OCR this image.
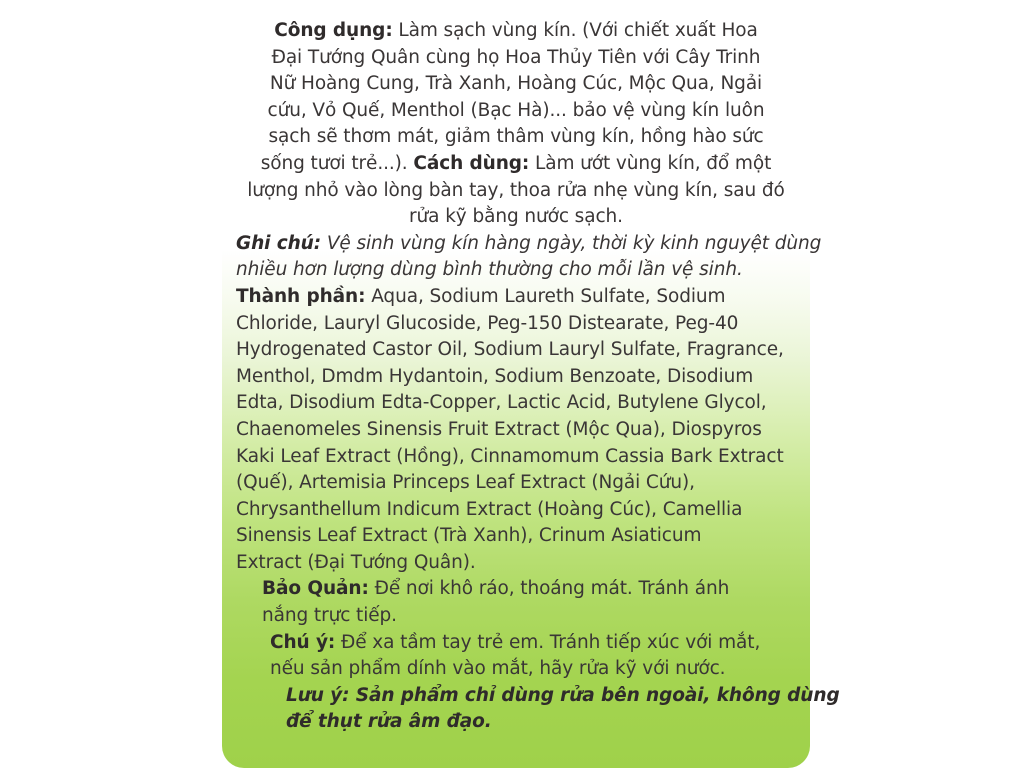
Công dụng: Làm sạch vùng kín. (Với chiết xuất Hoa
Đại Tướng Quân cùng họ Hoa Thủy Tiên với Cây Trinh
Nữ Hoàng Cung, Trà Xanh, Hoàng Cúc, Mộc Qua, Ngải
cứu, Vỏ Quế, Menthol (Bạc Hà)... bảo vệ vùng kín luôn
sạch sẽ thơm mát, giảm thâm vùng kín, hồng hào sức
sống tươi trẻ...). Cách dùng: Làm ướt vùng kín, đổ một
lượng nhỏ vào lòng bàn tay, thoa rửa nhẹ vùng kín, sau đó
rửa kỹ bằng nước sạch.
Ghi chú: Vệ sinh vùng kín hàng ngày, thời kỳ kinh nguyệt dùng
nhiều hơn lượng dùng bình thường cho mỗi lần vệ sinh.
Thành phần: Aqua, Sodium Laureth Sulfate, Sodium
Chloride, Lauryl Glucoside, Peg-150 Distearate, Peg-40
Hydrogenated Castor Oil, Sodium Lauryl Sulfate, Fragrance,
Menthol, Dmdm Hydantoin, Sodium Benzoate, Disodium
Edta, Disodium Edta-Copper, Lactic Acid, Butylene Glycol,
Chaenomeles Sinensis Fruit Extract (Mộc Qua), Diospyros
Kaki Leaf Extract (Hồng), Cinnamomum Cassia Bark Extract
(Quế), Artemisia Princeps Leaf Extract (Ngải Cứu),
Chrysanthellum Indicum Extract (Hoàng Cúc), Camellia
Sinensis Leaf Extract (Trà Xanh), Crinum Asiaticum
Extract (Đại Tướng Quân).
Bảo Quản: Để nơi khô ráo, thoáng mát. Tránh ánh
nắng trực tiếp.
Chú ý: Để xa tầm tay trẻ em. Tránh tiếp xúc với mắt,
nếu sản phẩm dính vào mắt, hãy rửa kỹ với nước.
Lưu ý: Sản phẩm chỉ dùng rửa bên ngoài, không dùng
để thụt rửa âm đạo.
